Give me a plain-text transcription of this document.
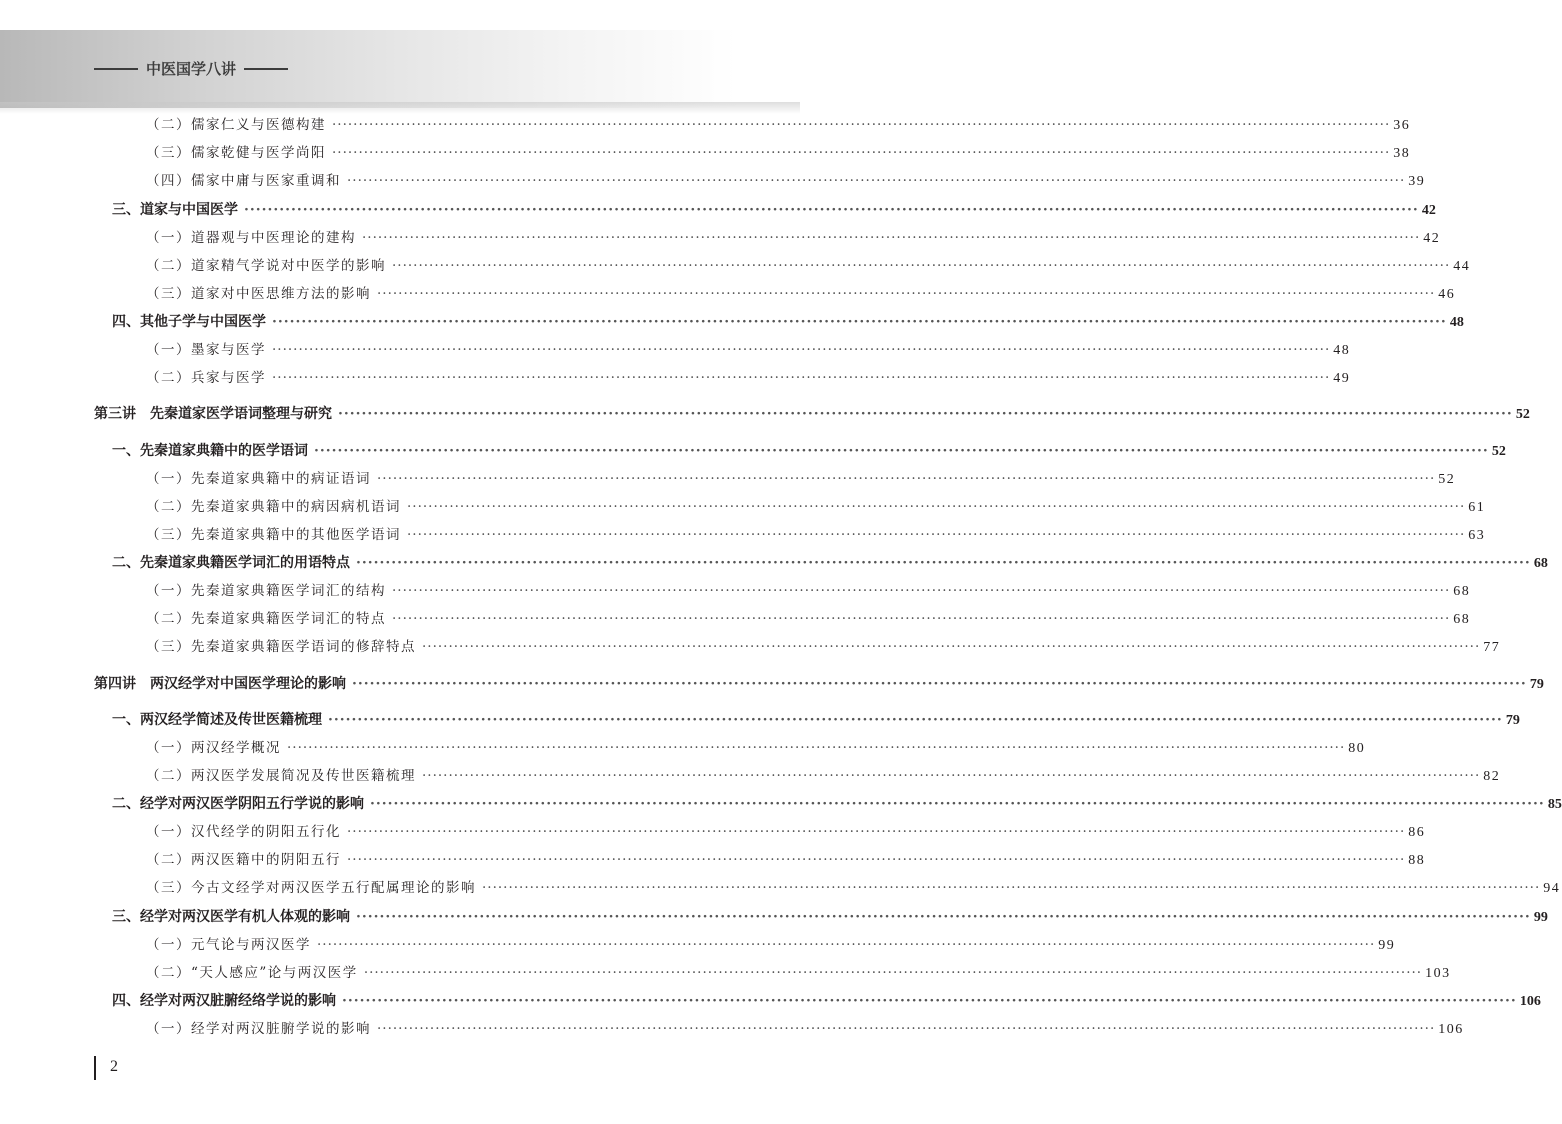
中医国学八讲
（二）儒家仁义与医德构建 ········································································································································································································ 36
（三）儒家乾健与医学尚阳 ········································································································································································································ 38
（四）儒家中庸与医家重调和 ········································································································································································································ 39
三、道家与中国医学 ········································································································································································································ 42
（一）道器观与中医理论的建构 ········································································································································································································ 42
（二）道家精气学说对中医学的影响 ········································································································································································································ 44
（三）道家对中医思维方法的影响 ········································································································································································································ 46
四、其他子学与中国医学 ········································································································································································································ 48
（一）墨家与医学 ········································································································································································································ 48
（二）兵家与医学 ········································································································································································································ 49
第三讲　先秦道家医学语词整理与研究 ········································································································································································································ 52
一、先秦道家典籍中的医学语词 ········································································································································································································ 52
（一）先秦道家典籍中的病证语词 ········································································································································································································ 52
（二）先秦道家典籍中的病因病机语词 ········································································································································································································ 61
（三）先秦道家典籍中的其他医学语词 ········································································································································································································ 63
二、先秦道家典籍医学词汇的用语特点 ········································································································································································································ 68
（一）先秦道家典籍医学词汇的结构 ········································································································································································································ 68
（二）先秦道家典籍医学词汇的特点 ········································································································································································································ 68
（三）先秦道家典籍医学语词的修辞特点 ········································································································································································································ 77
第四讲　两汉经学对中国医学理论的影响 ········································································································································································································ 79
一、两汉经学简述及传世医籍梳理 ········································································································································································································ 79
（一）两汉经学概况 ········································································································································································································ 80
（二）两汉医学发展简况及传世医籍梳理 ········································································································································································································ 82
二、经学对两汉医学阴阳五行学说的影响 ········································································································································································································ 85
（一）汉代经学的阴阳五行化 ········································································································································································································ 86
（二）两汉医籍中的阴阳五行 ········································································································································································································ 88
（三）今古文经学对两汉医学五行配属理论的影响 ········································································································································································································ 94
三、经学对两汉医学有机人体观的影响 ········································································································································································································ 99
（一）元气论与两汉医学 ········································································································································································································ 99
（二）“天人感应”论与两汉医学 ········································································································································································································ 103
四、经学对两汉脏腑经络学说的影响 ········································································································································································································ 106
（一）经学对两汉脏腑学说的影响 ········································································································································································································ 106
2
